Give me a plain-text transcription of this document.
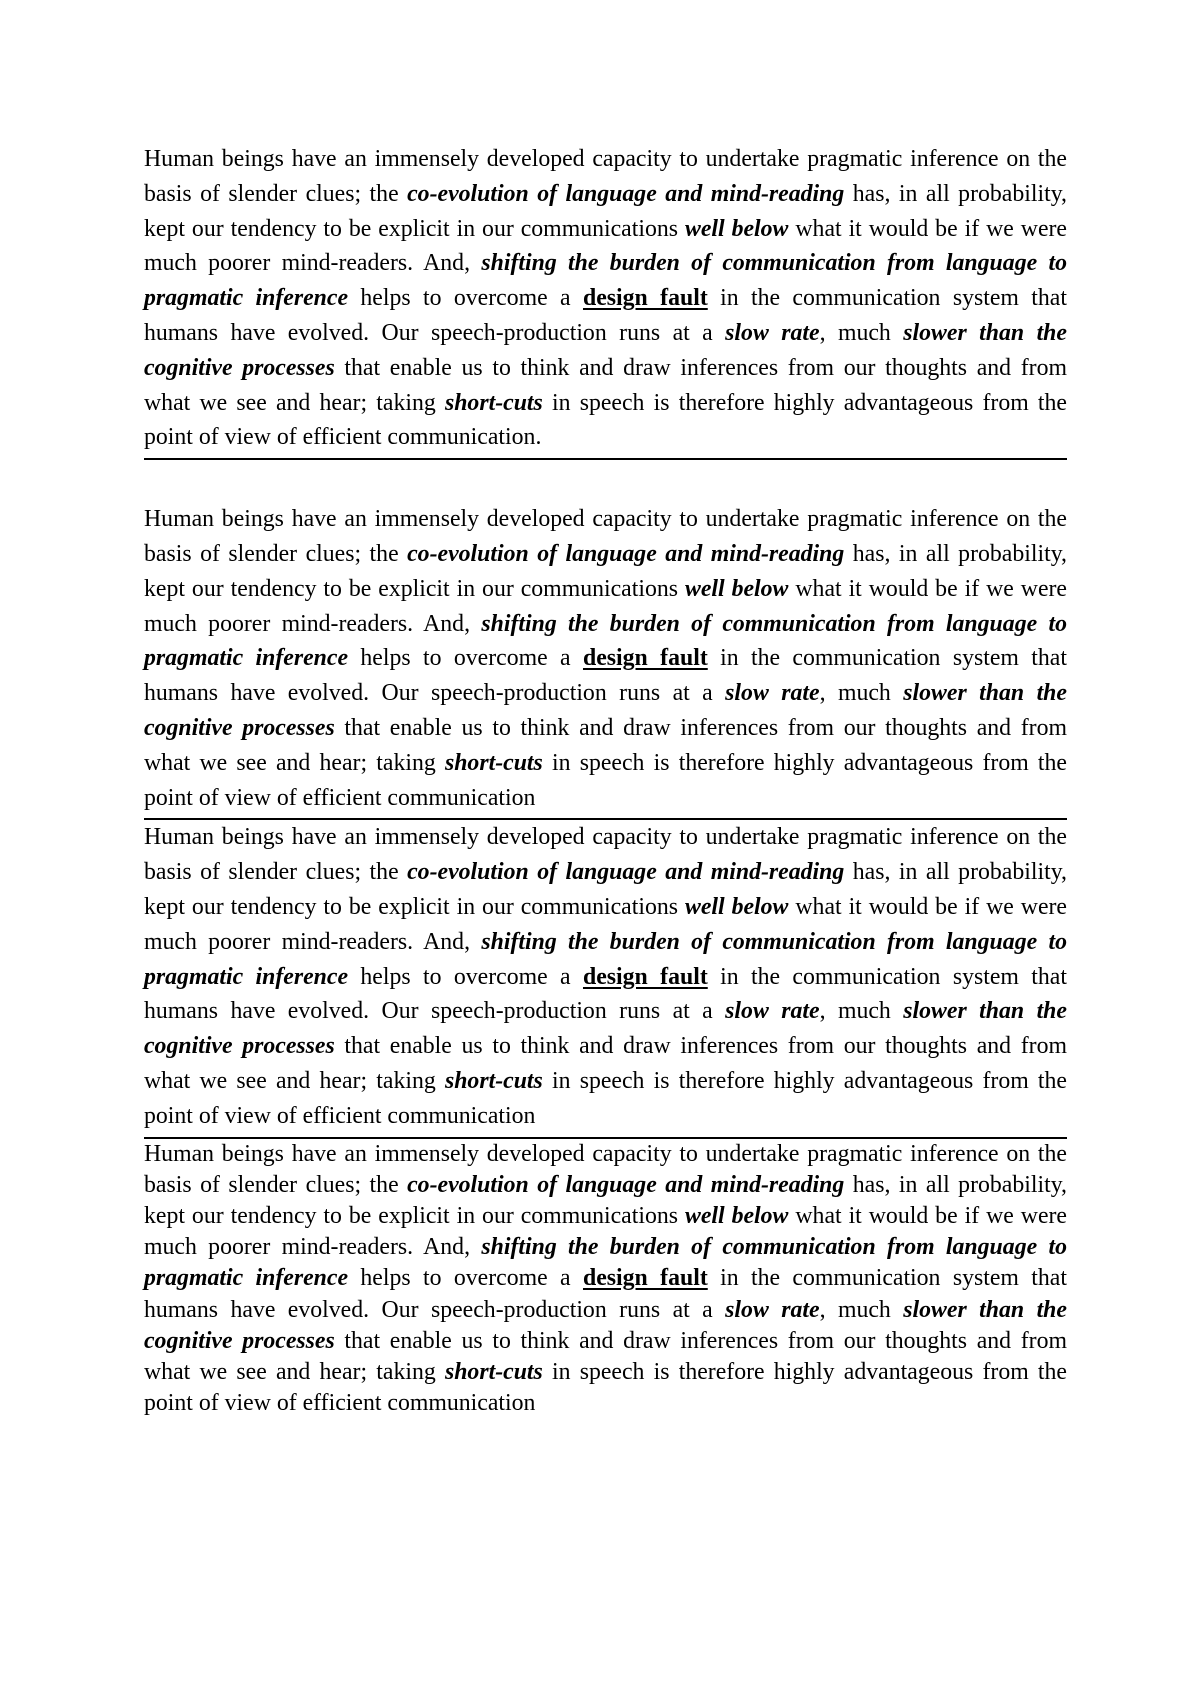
Human beings have an immensely developed capacity to undertake pragmatic inference on the basis of slender clues; the co-evolution of language and mind-reading has, in all probability, kept our tendency to be explicit in our communications well below what it would be if we were much poorer mind-readers. And, shifting the burden of communication from language to pragmatic inference helps to overcome a design fault in the communication system that humans have evolved. Our speech-production runs at a slow rate, much slower than the cognitive processes that enable us to think and draw inferences from our thoughts and from what we see and hear; taking short-cuts in speech is therefore highly advantageous from the point of view of efficient communication.

Human beings have an immensely developed capacity to undertake pragmatic inference on the basis of slender clues; the co-evolution of language and mind-reading has, in all probability, kept our tendency to be explicit in our communications well below what it would be if we were much poorer mind-readers. And, shifting the burden of communication from language to pragmatic inference helps to overcome a design fault in the communication system that humans have evolved. Our speech-production runs at a slow rate, much slower than the cognitive processes that enable us to think and draw inferences from our thoughts and from what we see and hear; taking short-cuts in speech is therefore highly advantageous from the point of view of efficient communication

Human beings have an immensely developed capacity to undertake pragmatic inference on the basis of slender clues; the co-evolution of language and mind-reading has, in all probability, kept our tendency to be explicit in our communications well below what it would be if we were much poorer mind-readers. And, shifting the burden of communication from language to pragmatic inference helps to overcome a design fault in the communication system that humans have evolved. Our speech-production runs at a slow rate, much slower than the cognitive processes that enable us to think and draw inferences from our thoughts and from what we see and hear; taking short-cuts in speech is therefore highly advantageous from the point of view of efficient communication

Human beings have an immensely developed capacity to undertake pragmatic inference on the basis of slender clues; the co-evolution of language and mind-reading has, in all probability, kept our tendency to be explicit in our communications well below what it would be if we were much poorer mind-readers. And, shifting the burden of communication from language to pragmatic inference helps to overcome a design fault in the communication system that humans have evolved. Our speech-production runs at a slow rate, much slower than the cognitive processes that enable us to think and draw inferences from our thoughts and from what we see and hear; taking short-cuts in speech is therefore highly advantageous from the point of view of efficient communication
